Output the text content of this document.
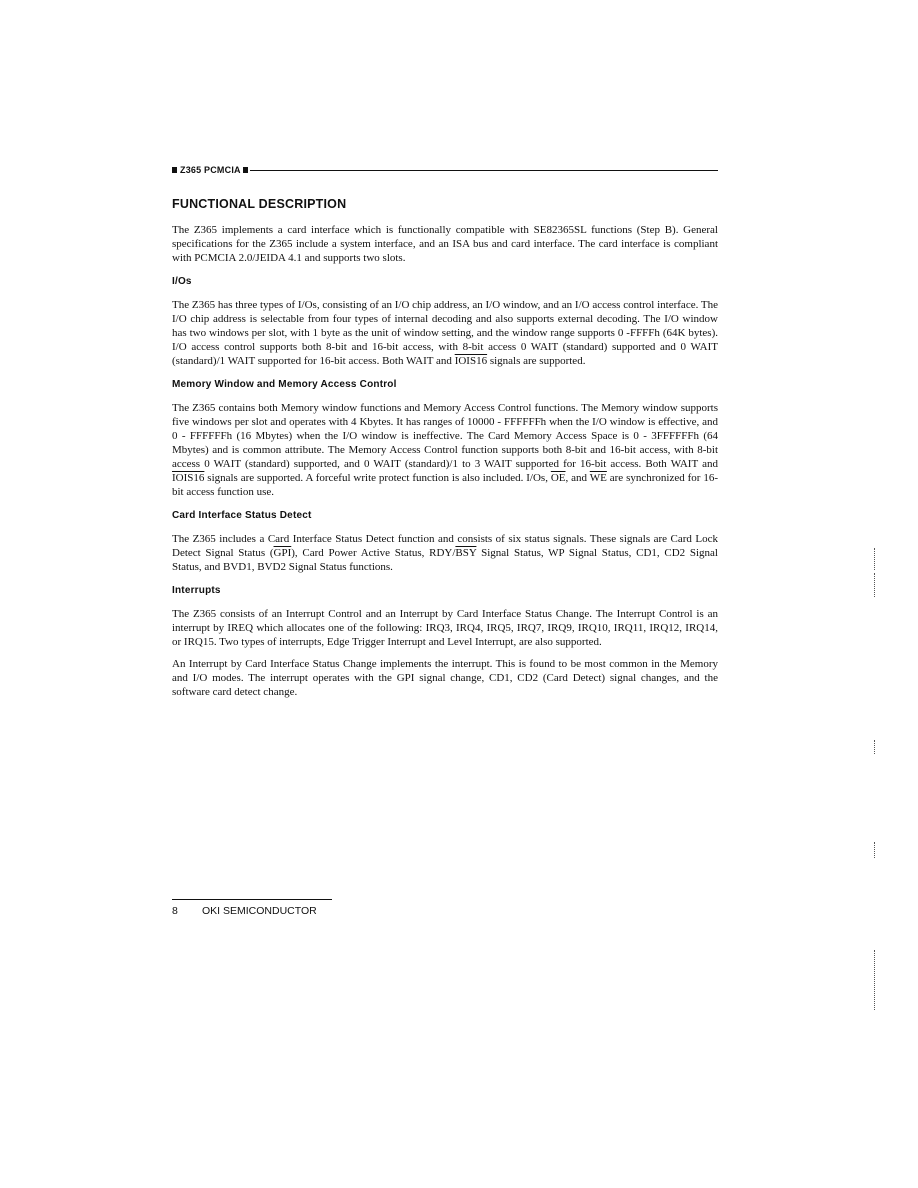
Z365 PCMCIA
FUNCTIONAL DESCRIPTION

The Z365 implements a card interface which is functionally compatible with SE82365SL functions (Step B). General specifications for the Z365 include a system interface, and an ISA bus and card interface. The card interface is compliant with PCMCIA 2.0/JEIDA 4.1 and supports two slots.

I/Os

The Z365 has three types of I/Os, consisting of an I/O chip address, an I/O window, and an I/O access control interface. The I/O chip address is selectable from four types of internal decoding and also supports external decoding. The I/O window has two windows per slot, with 1 byte as the unit of window setting, and the window range supports 0 -FFFFh (64K bytes). I/O access control supports both 8-bit and 16-bit access, with 8-bit access 0 WAIT (standard) supported and 0 WAIT (standard)/1 WAIT supported for 16-bit access. Both WAIT and IOIS16 signals are supported.

Memory Window and Memory Access Control

The Z365 contains both Memory window functions and Memory Access Control functions. The Memory window supports five windows per slot and operates with 4 Kbytes. It has ranges of 10000 - FFFFFFh when the I/O window is effective, and 0 - FFFFFFh (16 Mbytes) when the I/O window is ineffective. The Card Memory Access Space is 0 - 3FFFFFFh (64 Mbytes) and is common attribute. The Memory Access Control function supports both 8-bit and 16-bit access, with 8-bit access 0 WAIT (standard) supported, and 0 WAIT (standard)/1 to 3 WAIT supported for 16-bit access. Both WAIT and IOIS16 signals are supported. A forceful write protect function is also included. I/Os, $\overline{OE}$, and $\overline{WE}$ are synchronized for 16-bit access function use.

Card Interface Status Detect

The Z365 includes a Card Interface Status Detect function and consists of six status signals. These signals are Card Lock Detect Signal Status $(\overline{GPI})$, Card Power Active Status, RDY/$\overline{BSY}$ Signal Status, WP Signal Status, CD1, CD2 Signal Status, and BVD1, BVD2 Signal Status functions.

Interrupts

The Z365 consists of an Interrupt Control and an Interrupt by Card Interface Status Change. The Interrupt Control is an interrupt by IREQ which allocates one of the following: IRQ3, IRQ4, IRQ5, IRQ7, IRQ9, IRQ10, IRQ11, IRQ12, IRQ14, or IRQ15. Two types of interrupts, Edge Trigger Interrupt and Level Interrupt, are also supported.

An Interrupt by Card Interface Status Change implements the interrupt. This is found to be most common in the Memory and I/O modes. The interrupt operates with the GPI signal change, CD1, CD2 (Card Detect) signal changes, and the software card detect change.

8 OKI SEMICONDUCTOR
